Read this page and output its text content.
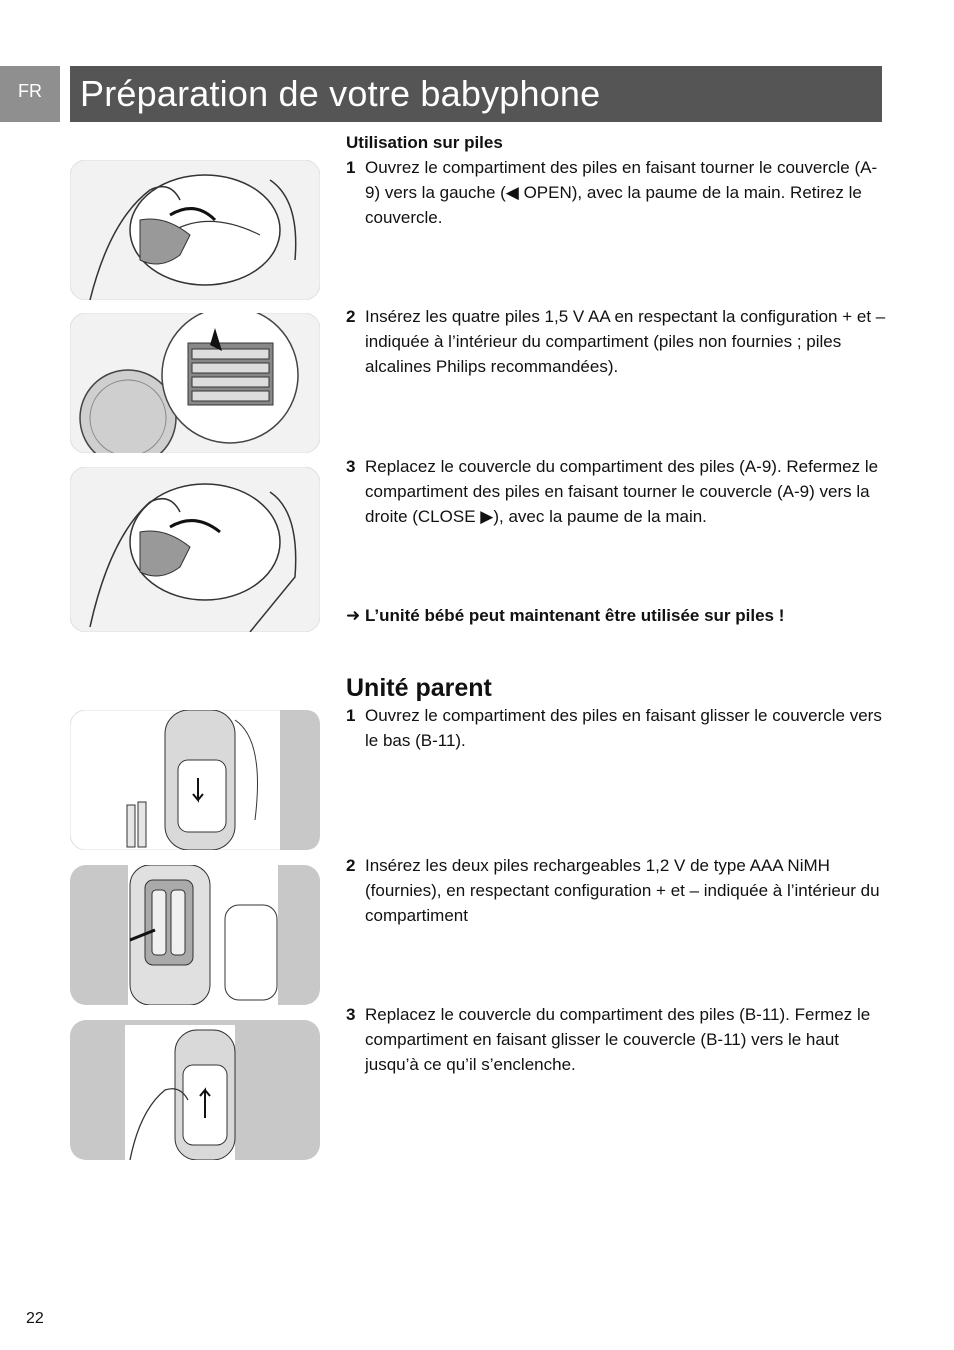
FR Préparation de votre babyphone
Utilisation sur piles
1 Ouvrez le compartiment des piles en faisant tourner le couvercle (A-9) vers la gauche (◀ OPEN), avec la paume de la main. Retirez le couvercle.
2 Insérez les quatre piles 1,5 V AA en respectant la configuration + et – indiquée à l’intérieur du compartiment (piles non fournies ; piles alcalines Philips recommandées).
3 Replacez le couvercle du compartiment des piles (A-9). Refermez le compartiment des piles en faisant tourner le couvercle (A-9) vers la droite (CLOSE ▶), avec la paume de la main.
➜ L’unité bébé peut maintenant être utilisée sur piles !
Unité parent
1 Ouvrez le compartiment des piles en faisant glisser le couvercle vers le bas (B-11).
2 Insérez les deux piles rechargeables 1,2 V de type AAA NiMH (fournies), en respectant configuration + et – indiquée à l’intérieur du compartiment
3 Replacez le couvercle du compartiment des piles (B-11). Fermez le compartiment en faisant glisser le couvercle (B-11) vers le haut jusqu’à ce qu’il s’enclenche.
22
